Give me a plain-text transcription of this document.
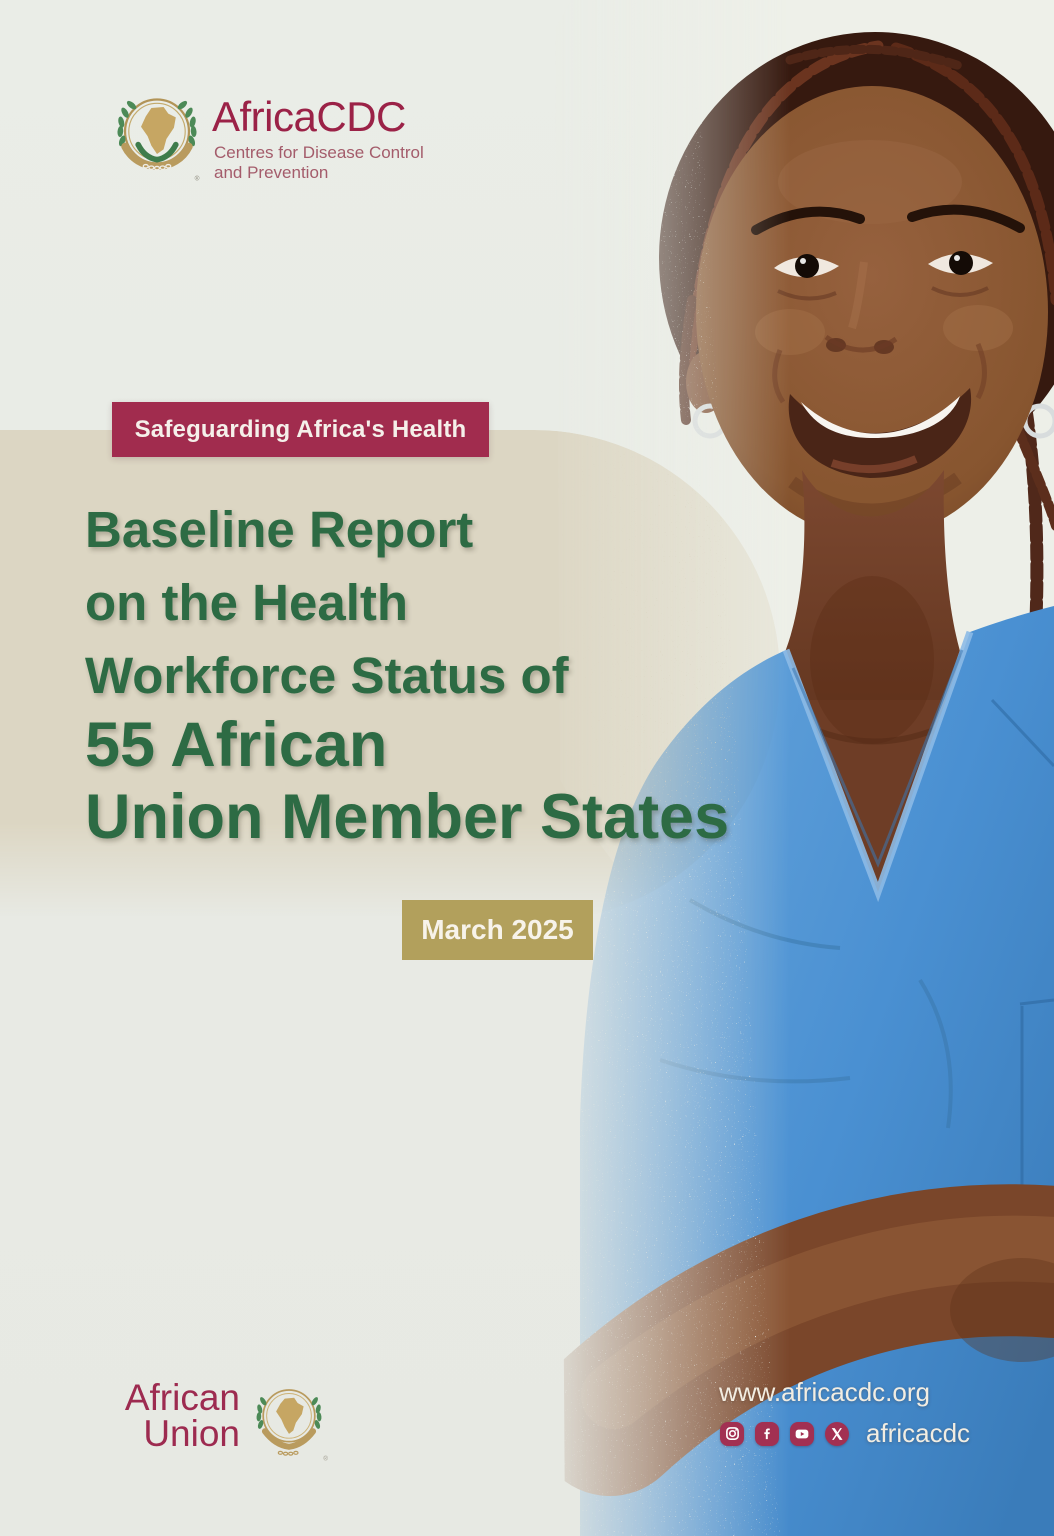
®
AfricaCDC
Centres for Disease Control
and Prevention
Safeguarding Africa's Health
Baseline Report
on the Health
Workforce Status of
55 African
Union Member States
March 2025
African
Union
®
www.africacdc.org
africacdc
